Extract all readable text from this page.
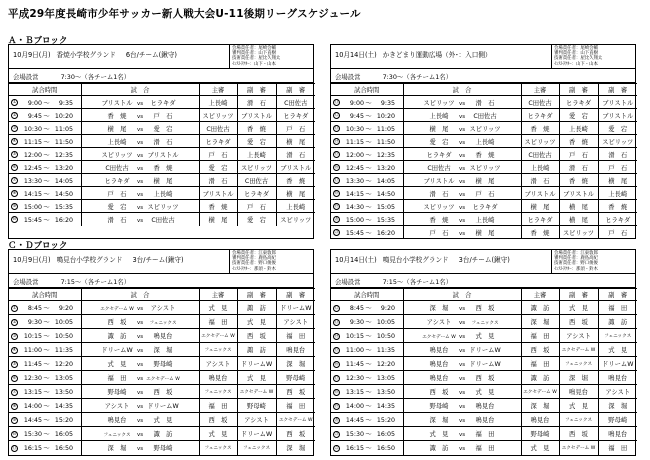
平成29年度長崎市少年サッカー新人戦大会U-11後期リーグスケジュール
Ａ・Ｂブロック
Ｃ・Ｄブロック
10月9日(月) 香焼小学校グランド 6台/チーム(鍬守)
会場責任者：尾崎会輔
審判責任者：山下直樹
技術責任者：屋比久翔太
ｲﾝｽﾄﾗｸﾀｰ：山下・山本
会場設営	7:30～（各チーム1名）
試合時間	試　合	主審	副　審	副　審
① 9:00～ 9:35	ブリストル vs ヒラキダ	上長崎	滑　石	C田佐古
② 9:45～ 10:20	香　焼 vs 戸　石	スピリッツ	ブリストル	ヒラキダ
③ 10:30～ 11:05	横　尾 vs 愛　宕	C田佐古	香　焼	戸　石
④ 11:15～ 11:50	上長崎 vs 滑　石	ヒラキダ	愛　宕	横　尾
⑤ 12:00～ 12:35	スピリッツ vs ブリストル	戸　石	上長崎	滑　石
⑥ 12:45～ 13:20	C田佐古 vs 香　焼	愛　宕	スピリッツ	ブリストル
⑦ 13:30～ 14:05	ヒラキダ vs 横　尾	滑　石	C田佐古	香　焼
⑧ 14:15～ 14:50	戸　石 vs 上長崎	ブリストル	ヒラキダ	横　尾
⑨ 15:00～ 15:35	愛　宕 vs スピリッツ	香　焼	戸　石	上長崎
⑩ 15:45～ 16:20	滑　石 vs C田佐古	横　尾	愛　宕	スピリッツ
10月14日(土) かきどまり運動広場（外･：入口側）
会場責任者：尾崎会輔
審判責任者：山下直樹
技術責任者：屋比久翔太
ｲﾝｽﾄﾗｸﾀｰ：山下・山本
会場設営	7:30～（各チーム1名）
試合時間	試　合	主審	副　審	副　審
⑪ 9:00～ 9:35	スピリッツ vs 滑　石	C田佐古	ヒラキダ	ブリストル
⑫ 9:45～ 10:20	上長崎 vs C田佐古	ヒラキダ	愛　宕	ブリストル
⑬ 10:30～ 11:05	横　尾 vs スピリッツ	香　焼	上長崎	愛　宕
⑭ 11:15～ 11:50	愛　宕 vs 上長崎	スピリッツ	香　焼	スピリッツ
⑮ 12:00～ 12:35	ヒラキダ vs 香　焼	C田佐古	戸　石	滑　石
⑯ 12:45～ 13:20	C田佐古 vs スピリッツ	上長崎	滑　石	戸　石
⑰ 13:30～ 14:05	ブリストル vs 横　尾	滑　石	香　焼	横　尾
⑱ 14:15～ 14:50	滑　石 vs 戸　石	ブリストル	ブリストル	上長崎
⑲ 14:30～ 15:05	スピリッツ vs ヒラキダ	横　尾	横　尾	香　焼
⑳ 15:00～ 15:35	香　焼 vs 上長崎	ヒラキダ	横　尾	ヒラキダ
㉑ 15:45～ 16:20	戸　石 vs 横　尾	香　焼	スピリッツ	戸　石
10月9日(月) 鳴見台小学校グランド 3台/チーム(鍬守)
会場責任者：江東敦郎
審判責任者：鹿島高紀
技術責任者：野口俊俊
ｲﾝｽﾄﾗｸﾀｰ：那須・鈴木
会場設営	7:15～（各チーム1名）
試合時間	試　合	主審	副　審	副　審
① 8:45～ 9:20	エクセデーム W vs アシスト	式　見	諏　訪	ドリームW
② 9:30～ 10:05	西　坂 vs フェニックス	福　田	式　見	アシスト
③ 10:15～ 10:50	諏　訪 vs 鳴見台	エクセデーム W	西　坂	福　田
④ 11:00～ 11:35	ドリームW vs 深　堀	フェニックス	諏　訪	鳴見台
⑤ 11:45～ 12:20	式　見 vs 野母崎	アシスト	ドリームW	深　堀
⑥ 12:30～ 13:05	福　田 vs エクセデーム W	鳴見台	式　見	野母崎
⑦ 13:15～ 13:50	野母崎 vs 西　坂	フェニックス	エクセデーム W	西　坂
⑧ 14:00～ 14:35	アシスト vs ドリームW	福　田	野母崎	福　田
⑨ 14:45～ 15:20	鳴見台 vs 式　見	西　坂	アシスト	エクセデーム W
⑩ 15:30～ 16:05	フェニックス vs 諏　訪	式　見	ドリームW	西　坂
⑪ 16:15～ 16:50	深　堀 vs 野母崎	フェニックス	フェニックス	深　堀
10月14日(土) 鳴見台小学校グランド 3台/チーム(鍬守)
会場責任者：江東敦郎
審判責任者：鹿島高紀
技術責任者：野口俊俊
ｲﾝｽﾄﾗｸﾀｰ：那須・鈴木
会場設営	7:15～（各チーム1名）
試合時間	試　合	主審	副　審	副　審
⑫ 8:45～ 9:20	深　堀 vs 西　坂	諏　訪	式　見	福　田
⑬ 9:30～ 10:05	アシスト vs フェニックス	深　堀	西　坂	諏　訪
⑭ 10:15～ 10:50	エクセデーム W vs 式　見	福　田	アシスト	フェニックス
⑮ 11:00～ 11:35	鳴見台 vs ドリームW	西　坂	エクセデーム W	式　見
⑯ 11:45～ 12:20	鳴見台 vs ドリームW	福　田	フェニックス	ドリームW
⑰ 12:30～ 13:05	鳴見台 vs 西　坂	諏　訪	深　堀	鳴見台
⑱ 13:15～ 13:50	西　坂 vs 式　見	エクセデーム W	鳴見台	アシスト
⑲ 14:00～ 14:35	野母崎 vs 鳴見台	深　堀	式　見	深　堀
⑳ 14:45～ 15:20	深　堀 vs 鳴見台	鳴見台	フェニックス	野母崎
㉑ 15:30～ 16:05	式　見 vs 福　田	野母崎	西　坂	鳴見台
㉒ 16:15～ 16:50	諏　訪 vs 福　田	式　見	エクセデーム W	福　田
